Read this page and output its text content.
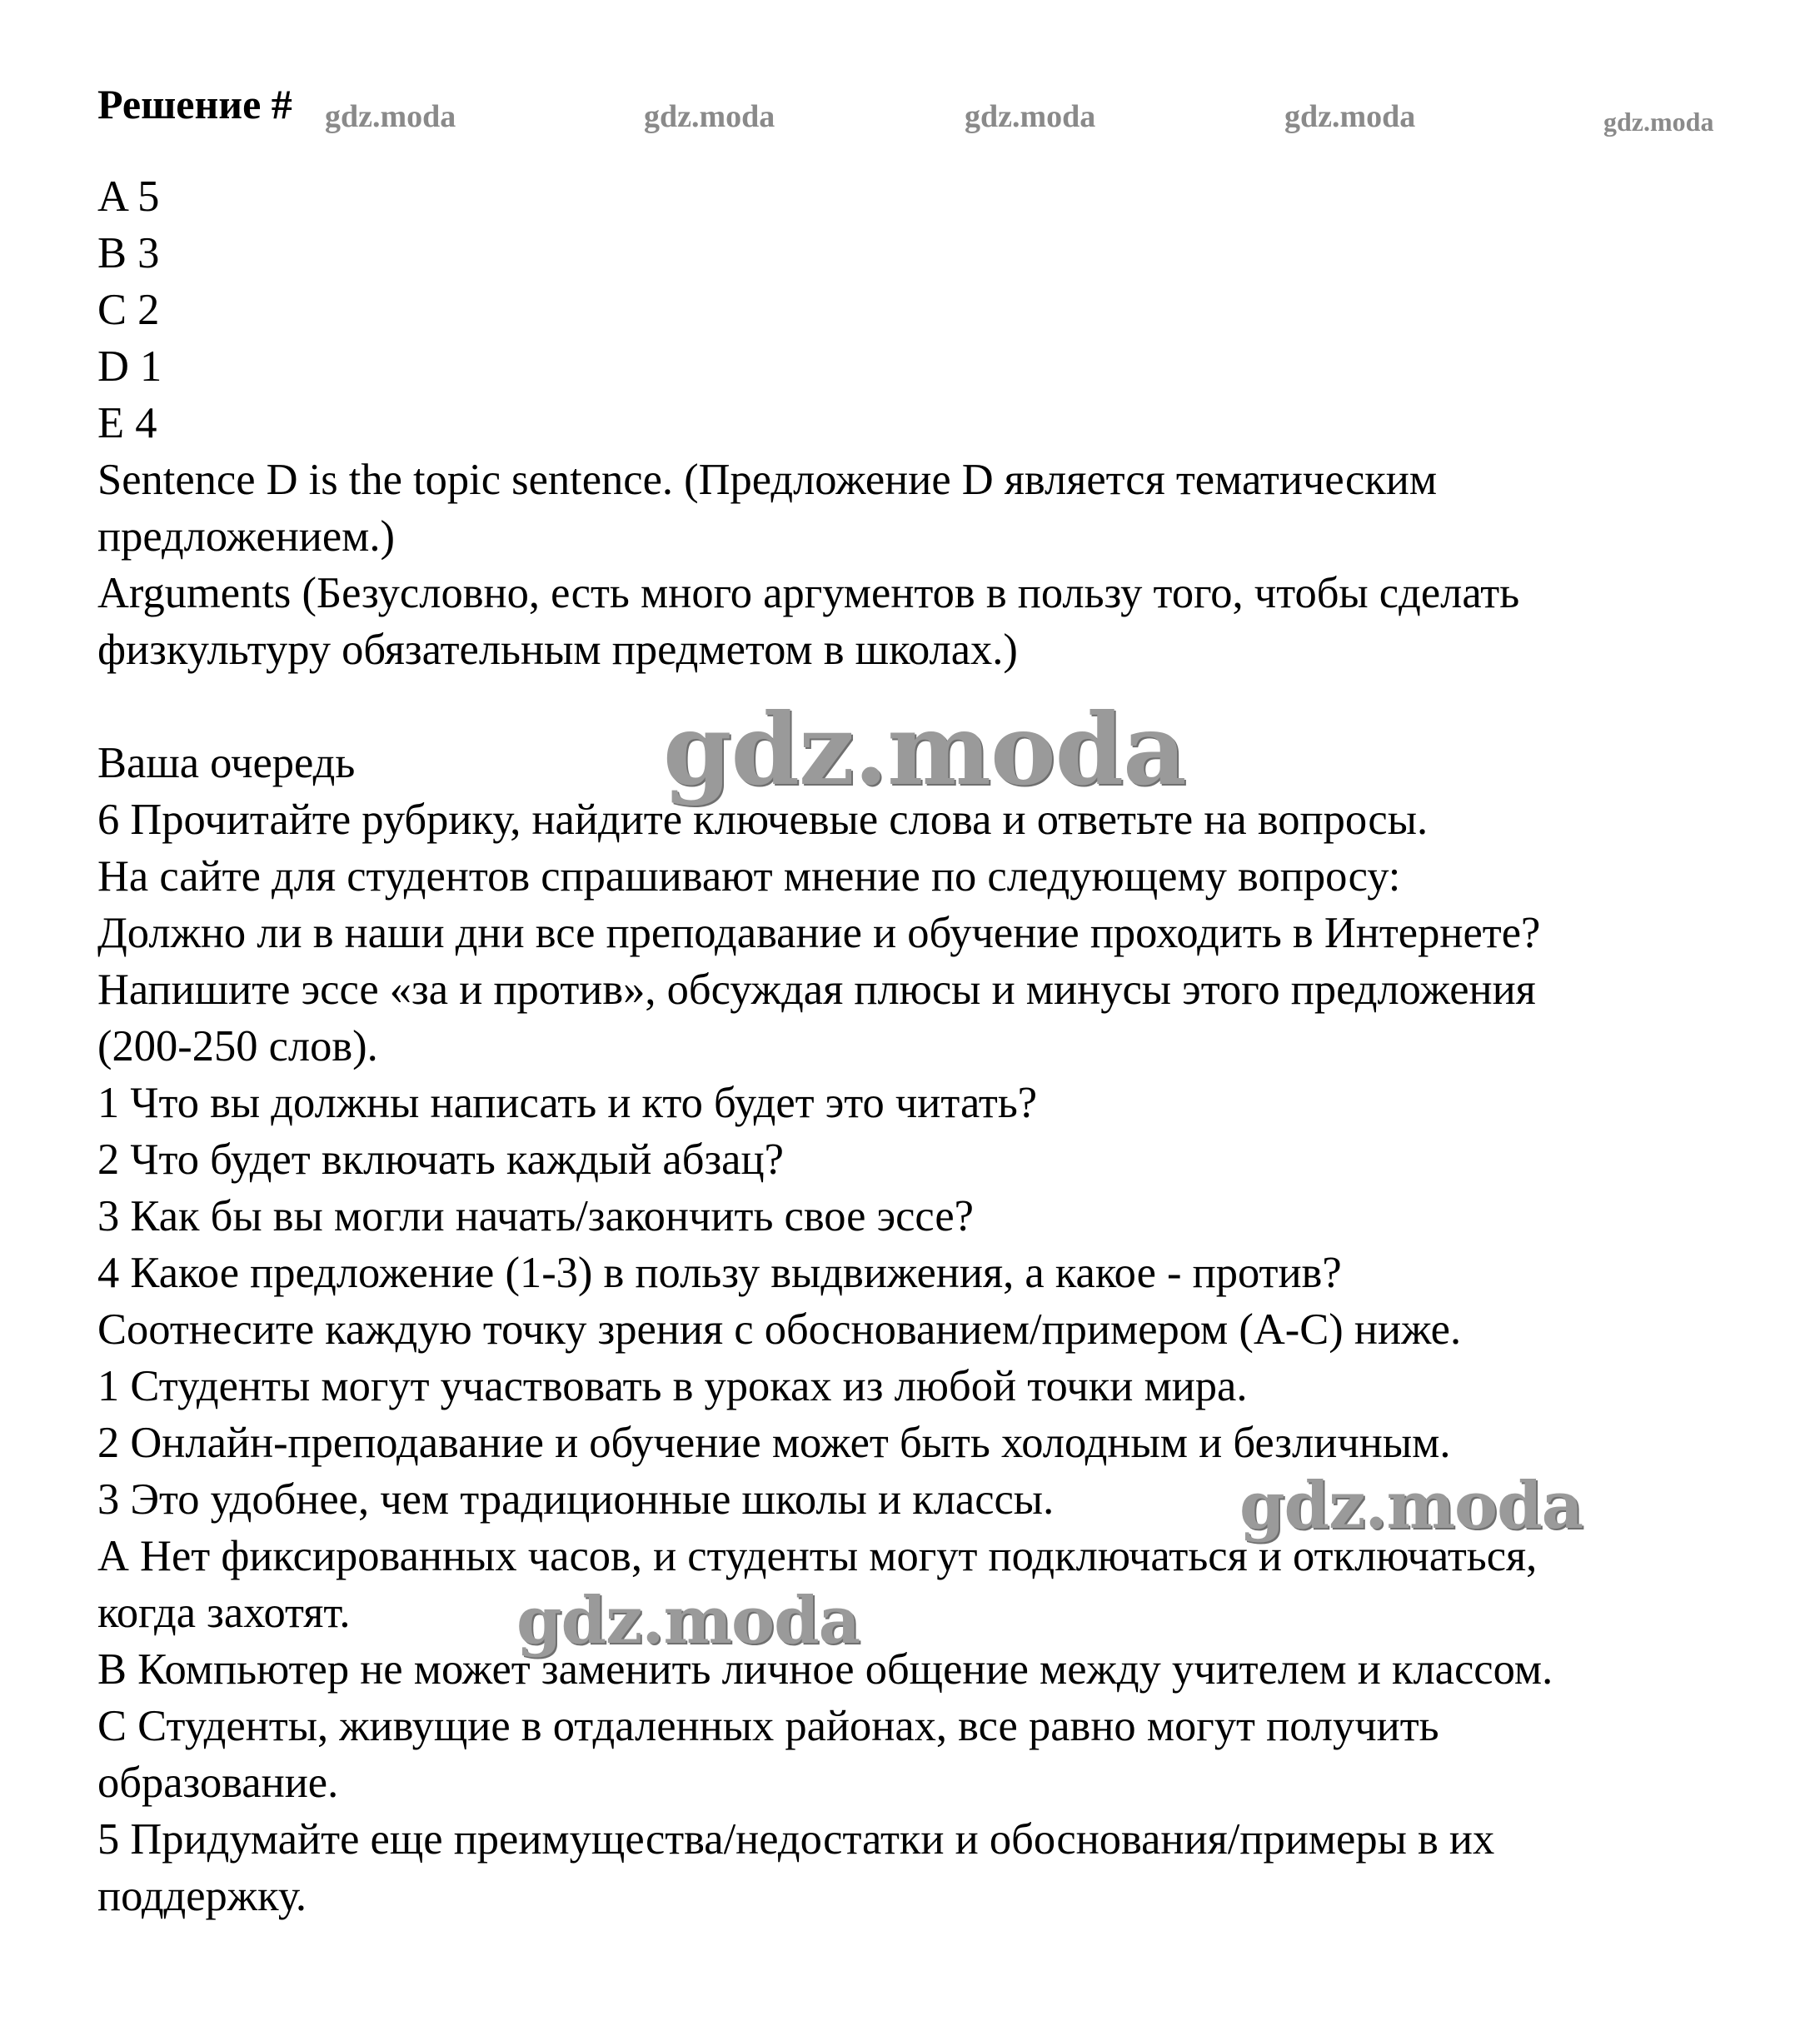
Решение # gdz.moda	gdz.moda	gdz.moda	gdz.moda	gdz.moda
A 5
B 3
C 2
D 1
E 4
Sentence D is the topic sentence. (Предложение D является тематическим
предложением.)
Arguments (Безусловно, есть много аргументов в пользу того, чтобы сделать
физкультуру обязательным предметом в школах.)
Ваша очередь
6 Прочитайте рубрику, найдите ключевые слова и ответьте на вопросы.
На сайте для студентов спрашивают мнение по следующему вопросу:
Должно ли в наши дни все преподавание и обучение проходить в Интернете?
Напишите эссе «за и против», обсуждая плюсы и минусы этого предложения
(200-250 слов).
1 Что вы должны написать и кто будет это читать?
2 Что будет включать каждый абзац?
3 Как бы вы могли начать/закончить свое эссе?
4 Какое предложение (1-3) в пользу выдвижения, а какое - против?
Соотнесите каждую точку зрения с обоснованием/примером (А-С) ниже.
1 Студенты могут участвовать в уроках из любой точки мира.
2 Онлайн-преподавание и обучение может быть холодным и безличным.
3 Это удобнее, чем традиционные школы и классы.
А Нет фиксированных часов, и студенты могут подключаться и отключаться,
когда захотят.
В Компьютер не может заменить личное общение между учителем и классом.
С Студенты, живущие в отдаленных районах, все равно могут получить
образование.
5 Придумайте еще преимущества/недостатки и обоснования/примеры в их
поддержку.
gdz.moda
gdz.moda
gdz.moda
